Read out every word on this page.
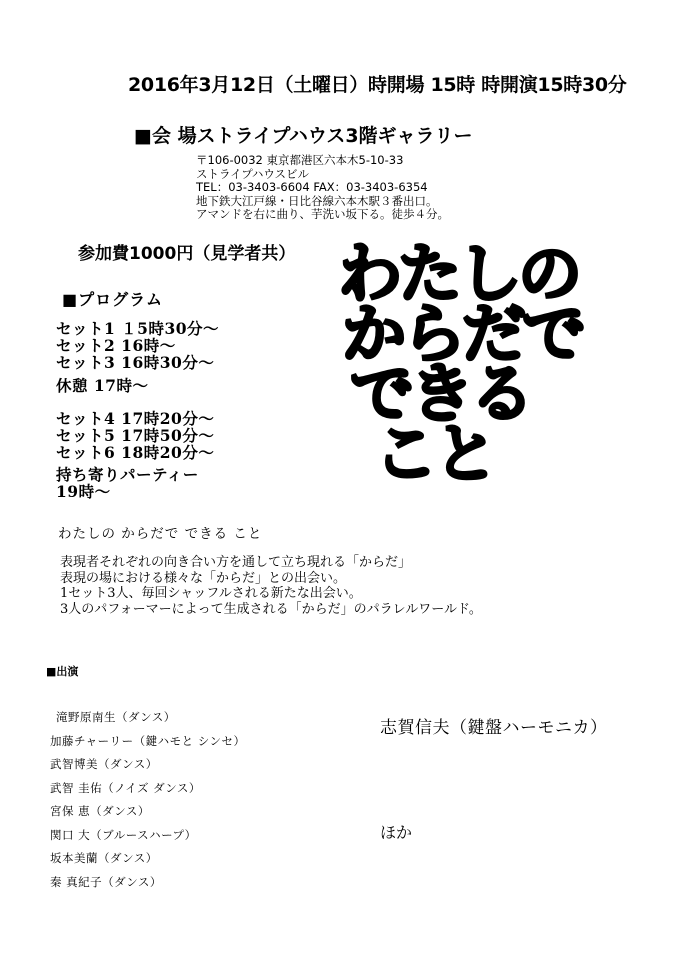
2016年3月12日（土曜日）時開場 15時 時開演15時30分
■会 場ストライプハウス3階ギャラリー
〒106-0032 東京都港区六本木5-10-33
ストライプハウスビル
TEL：03-3403-6604 FAX：03-3403-6354
地下鉄大江戸線・日比谷線六本木駅３番出口。
アマンドを右に曲り、芋洗い坂下る。徒歩４分。
参加費1000円（見学者共） わたしの
からだで
できる
こと
■プログラム
セット1 １5時30分～
セット2 16時～
セット3 16時30分～
休憩 17時～
セット4 17時20分～
セット5 17時50分～
セット6 18時20分～
持ち寄りパーティー
19時～
わたしの からだで できる こと
表現者それぞれの向き合い方を通して立ち現れる「からだ」
表現の場における様々な「からだ」との出会い。
1セット3人、毎回シャッフルされる新たな出会い。
3人のパフォーマーによって生成される「からだ」のパラレルワールド。
■出演
滝野原南生（ダンス）
加藤チャーリー（鍵ハモと シンセ）
武智博美（ダンス）
武智 圭佑（ノイズ ダンス）
宮保 恵（ダンス）
関口 大（ブルースハープ）
坂本美蘭（ダンス）
秦 真紀子（ダンス）
志賀信夫（鍵盤ハーモニカ）
ほか
